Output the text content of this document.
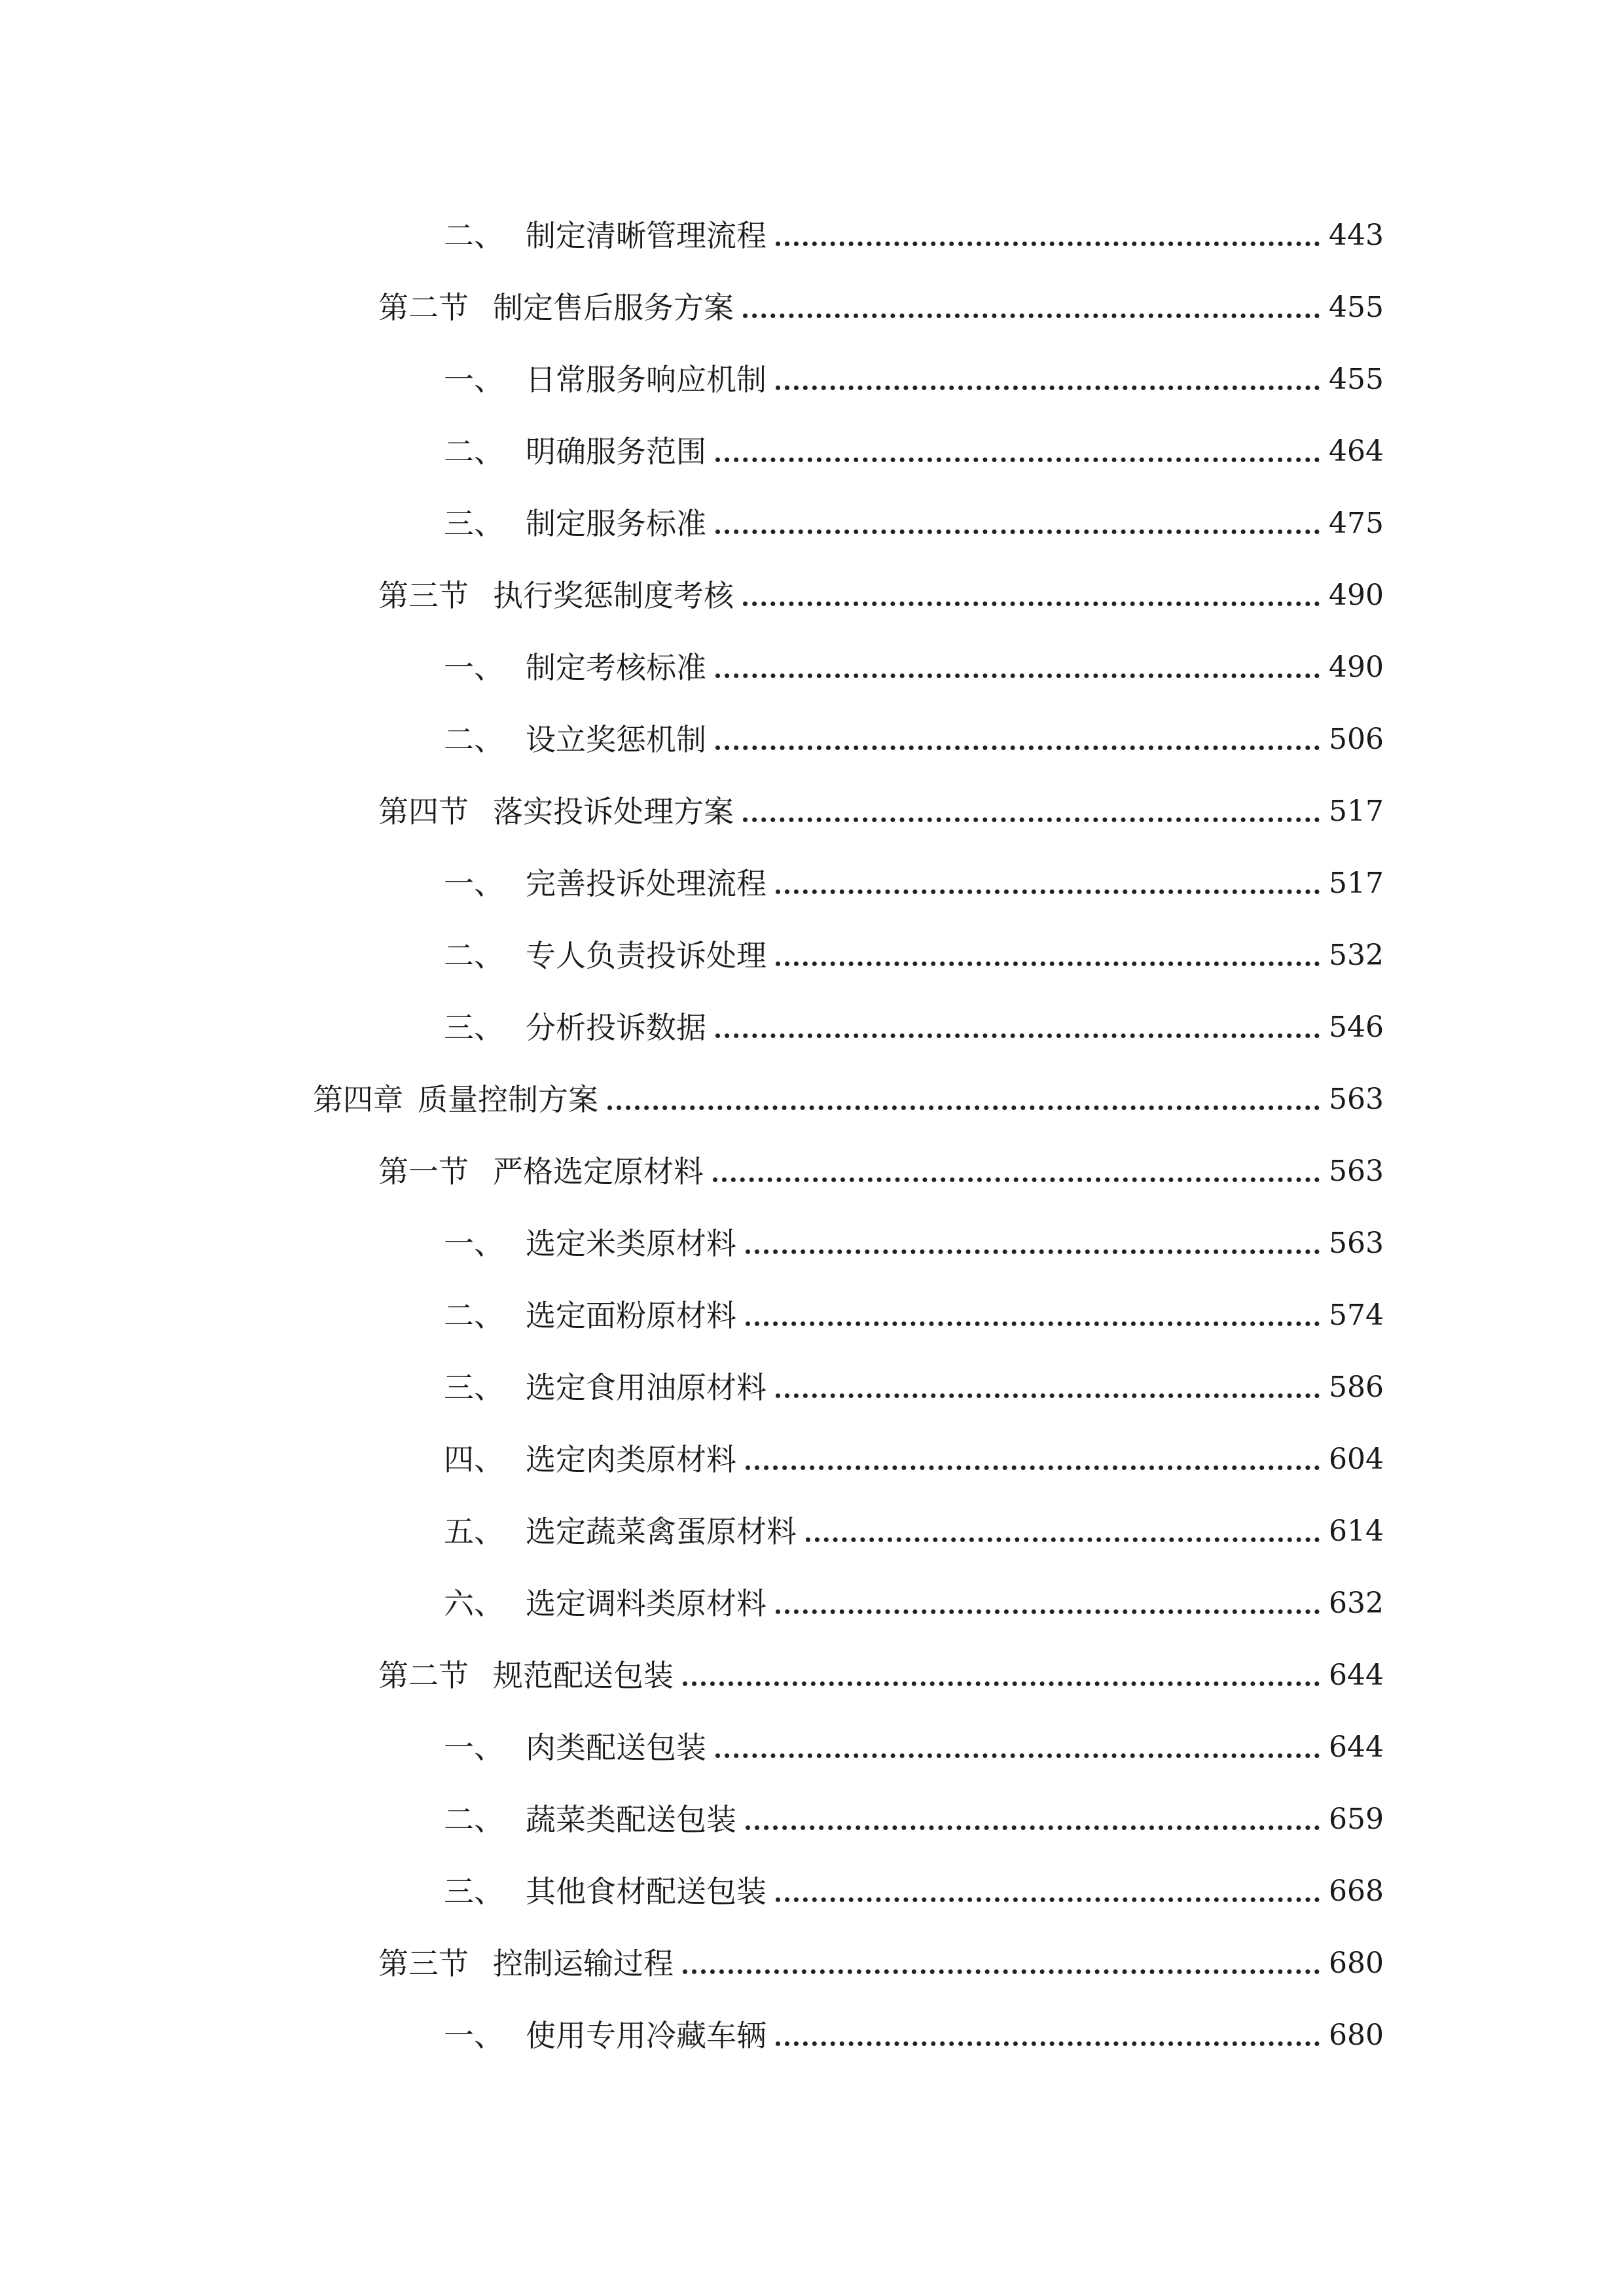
二、 制定清晰管理流程	443
第二节 制定售后服务方案	455
一、 日常服务响应机制	455
二、 明确服务范围	464
三、 制定服务标准	475
第三节 执行奖惩制度考核	490
一、 制定考核标准	490
二、 设立奖惩机制	506
第四节 落实投诉处理方案	517
一、 完善投诉处理流程	517
二、 专人负责投诉处理	532
三、 分析投诉数据	546
第四章 质量控制方案	563
第一节 严格选定原材料	563
一、 选定米类原材料	563
二、 选定面粉原材料	574
三、 选定食用油原材料	586
四、 选定肉类原材料	604
五、 选定蔬菜禽蛋原材料	614
六、 选定调料类原材料	632
第二节 规范配送包装	644
一、 肉类配送包装	644
二、 蔬菜类配送包装	659
三、 其他食材配送包装	668
第三节 控制运输过程	680
一、 使用专用冷藏车辆	680
